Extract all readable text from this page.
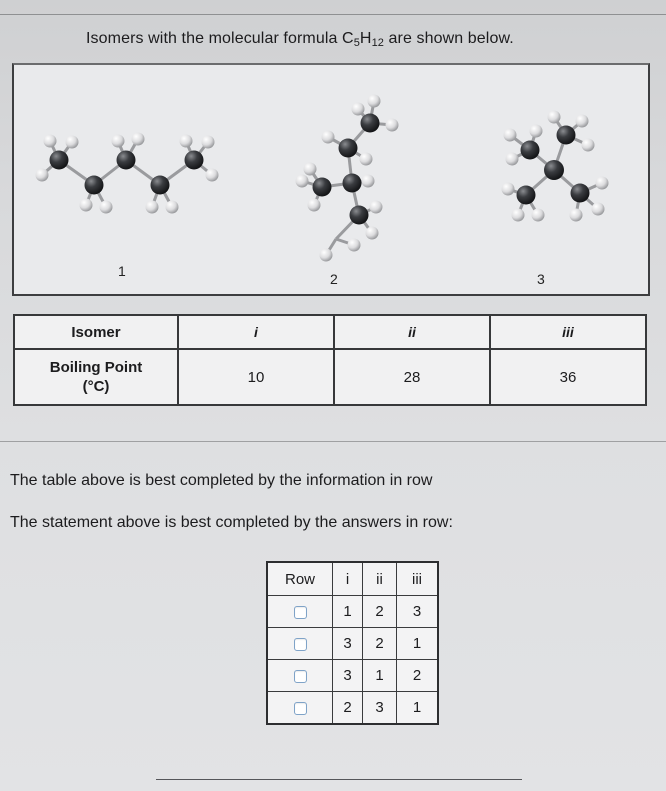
Isomers with the molecular formula $C_5H_{12}$ are shown below.
1	2	3
Isomer	i	ii	iii
Boiling Point
(°C)	10	28	36
The table above is best completed by the information in row
The statement above is best completed by the answers in row:
Row	i	ii	iii
	1	2	3
	3	2	1
	3	1	2
	2	3	1
